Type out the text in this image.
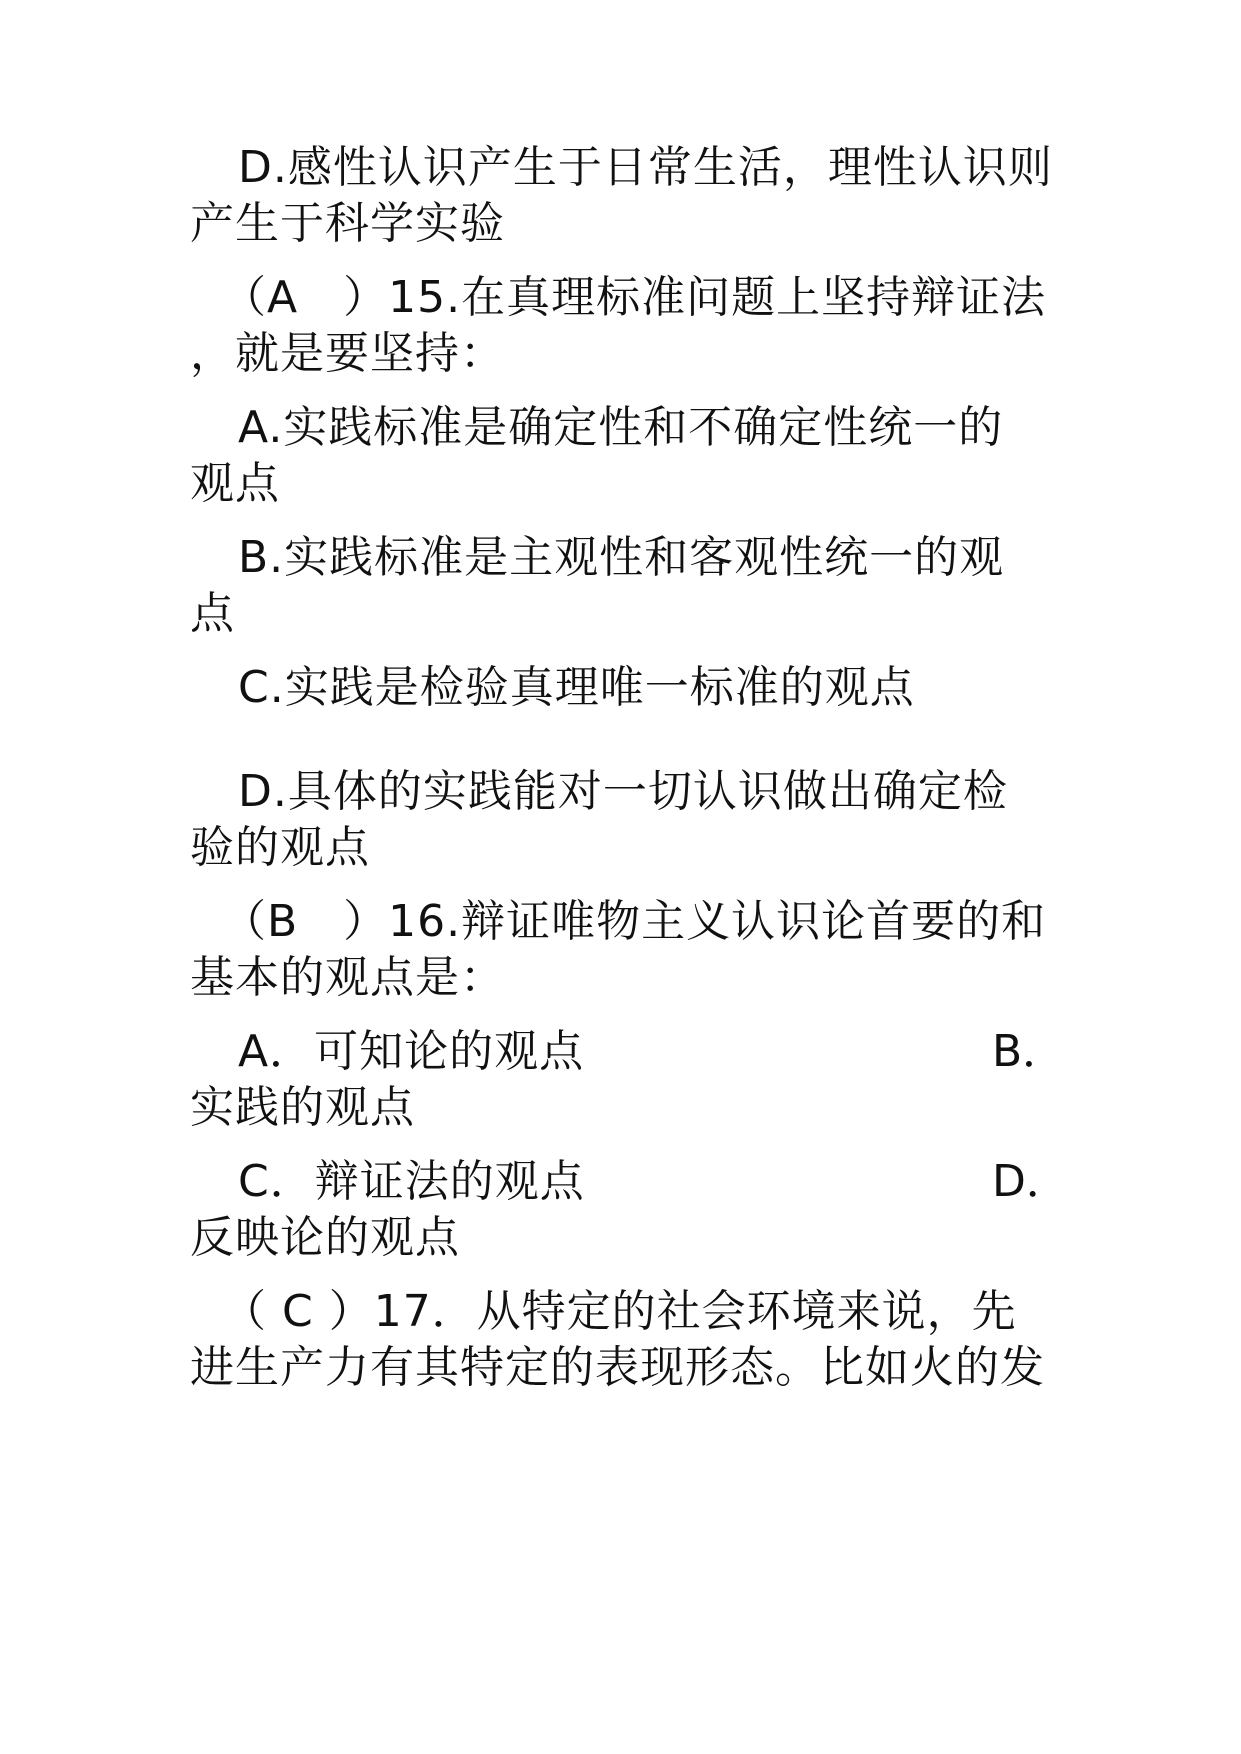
D.感性认识产生于日常生活，理性认识则
产生于科学实验
（A　）15.在真理标准问题上坚持辩证法
，就是要坚持：
A.实践标准是确定性和不确定性统一的
观点
B.实践标准是主观性和客观性统一的观
点
C.实践是检验真理唯一标准的观点
D.具体的实践能对一切认识做出确定检
验的观点
（B　）16.辩证唯物主义认识论首要的和
基本的观点是：
A．可知论的观点	B．
实践的观点
C．辩证法的观点	D．
反映论的观点
（ C ）17．从特定的社会环境来说，先
进生产力有其特定的表现形态。比如火的发
